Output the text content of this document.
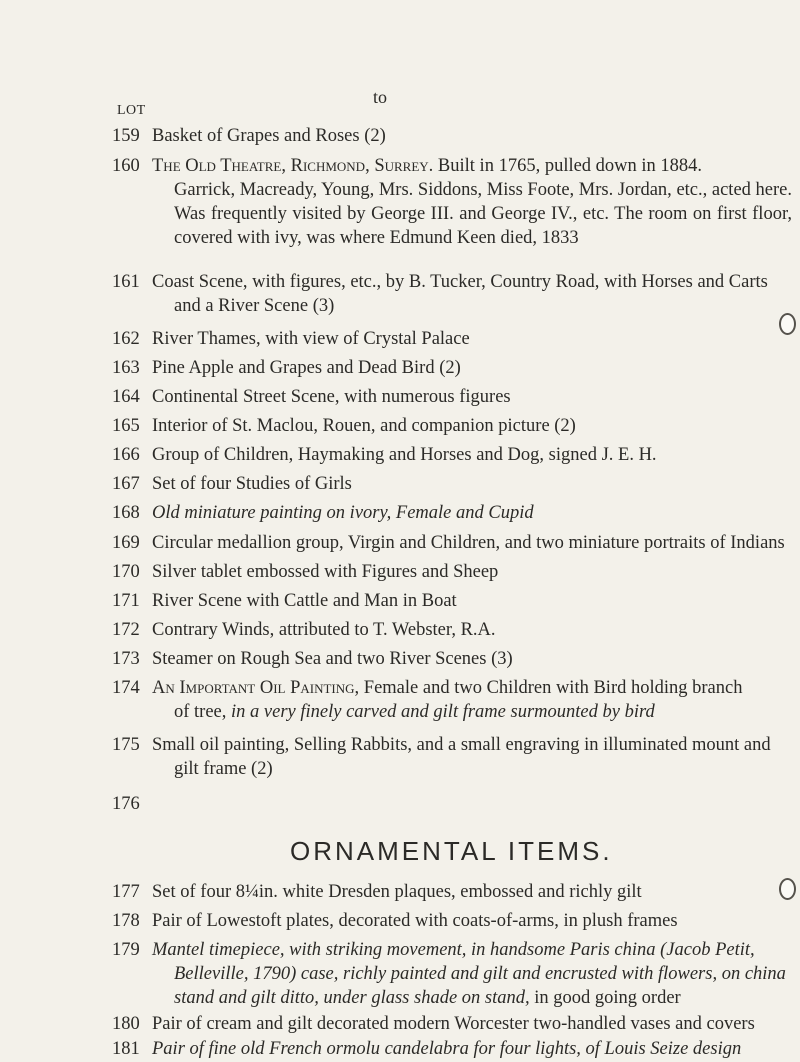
to
LOT
159 Basket of Grapes and Roses (2)
160 The Old Theatre, Richmond, Surrey. Built in 1765, pulled down in 1884.
Garrick, Macready, Young, Mrs. Siddons, Miss Foote, Mrs. Jordan, etc., acted here. Was frequently visited by George III. and George IV., etc. The room on first floor, covered with ivy, was where Edmund Keen died, 1833
161 Coast Scene, with figures, etc., by B. Tucker, Country Road, with Horses and Carts
and a River Scene (3)
162 River Thames, with view of Crystal Palace
163 Pine Apple and Grapes and Dead Bird (2)
164 Continental Street Scene, with numerous figures
165 Interior of St. Maclou, Rouen, and companion picture (2)
166 Group of Children, Haymaking and Horses and Dog, signed J. E. H.
167 Set of four Studies of Girls
168 Old miniature painting on ivory, Female and Cupid
169 Circular medallion group, Virgin and Children, and two miniature portraits of Indians
170 Silver tablet embossed with Figures and Sheep
171 River Scene with Cattle and Man in Boat
172 Contrary Winds, attributed to T. Webster, R.A.
173 Steamer on Rough Sea and two River Scenes (3)
174 An Important Oil Painting, Female and two Children with Bird holding branch
of tree, in a very finely carved and gilt frame surmounted by bird
175 Small oil painting, Selling Rabbits, and a small engraving in illuminated mount and
gilt frame (2)
176
ORNAMENTAL ITEMS.
177 Set of four 8¼in. white Dresden plaques, embossed and richly gilt
178 Pair of Lowestoft plates, decorated with coats-of-arms, in plush frames
179 Mantel timepiece, with striking movement, in handsome Paris china (Jacob Petit,
Belleville, 1790) case, richly painted and gilt and encrusted with flowers, on china
stand and gilt ditto, under glass shade on stand, in good going order
180 Pair of cream and gilt decorated modern Worcester two-handled vases and covers
181 Pair of fine old French ormolu candelabra for four lights, of Louis Seize design
